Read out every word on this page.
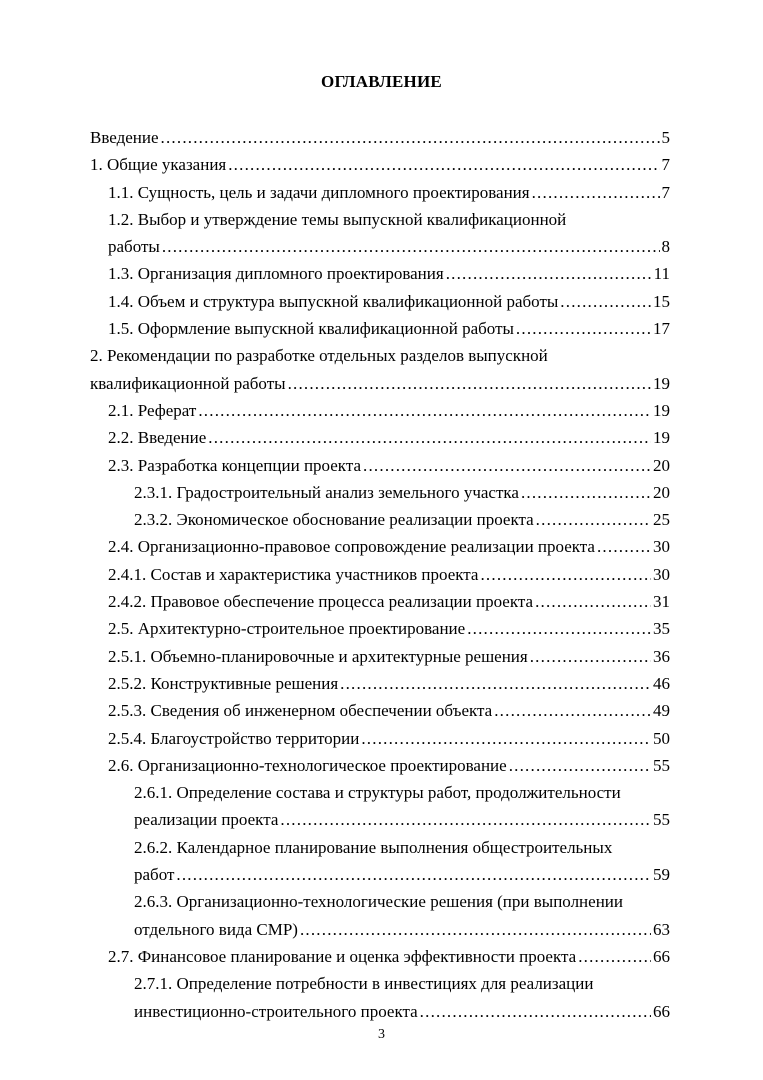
ОГЛАВЛЕНИЕ
Введение .....	5
1. Общие указания .....	7
1.1. Сущность, цель и задачи дипломного проектирования .....	7
1.2. Выбор и утверждение темы выпускной квалификационной
работы .....	8
1.3. Организация дипломного проектирования .....	11
1.4. Объем и структура выпускной квалификационной работы .....	15
1.5. Оформление выпускной квалификационной работы .....	17
2. Рекомендации по разработке отдельных разделов выпускной
квалификационной работы .....	19
2.1. Реферат .....	19
2.2. Введение .....	19
2.3. Разработка концепции проекта .....	20
2.3.1. Градостроительный анализ земельного участка .....	20
2.3.2. Экономическое обоснование реализации проекта .....	25
2.4. Организационно-правовое сопровождение реализации проекта .....	30
2.4.1. Состав и характеристика участников проекта .....	30
2.4.2. Правовое обеспечение процесса реализации проекта .....	31
2.5. Архитектурно-строительное проектирование .....	35
2.5.1. Объемно-планировочные и архитектурные решения .....	36
2.5.2. Конструктивные решения .....	46
2.5.3. Сведения об инженерном обеспечении объекта .....	49
2.5.4. Благоустройство территории .....	50
2.6. Организационно-технологическое проектирование .....	55
2.6.1. Определение состава и структуры работ, продолжительности
реализации проекта .....	55
2.6.2. Календарное планирование выполнения общестроительных
работ .....	59
2.6.3. Организационно-технологические решения (при выполнении
отдельного вида СМР) .....	63
2.7. Финансовое планирование и оценка эффективности проекта .....	66
2.7.1. Определение потребности в инвестициях для реализации
инвестиционно-строительного проекта .....	66
3
